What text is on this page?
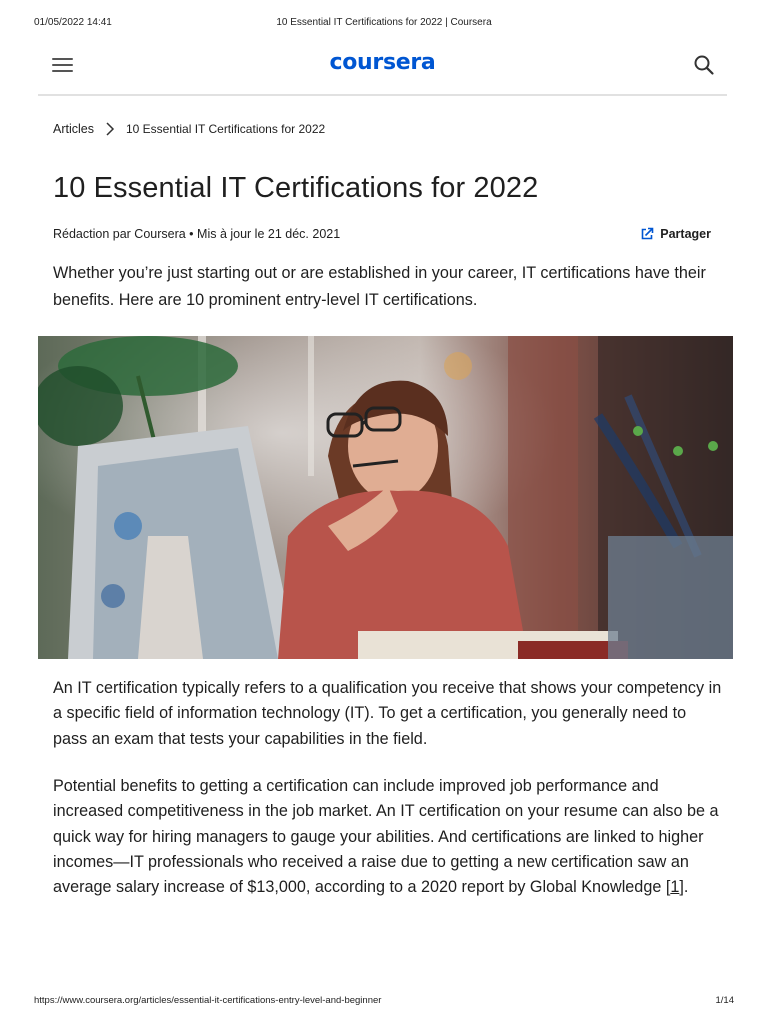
01/05/2022 14:41	10 Essential IT Certifications for 2022 | Coursera
coursera
Articles	10 Essential IT Certifications for 2022
10 Essential IT Certifications for 2022
Rédaction par Coursera • Mis à jour le 21 déc. 2021	Partager

Whether you’re just starting out or are established in your career, IT certifications have their benefits. Here are 10 prominent entry-level IT certifications.

An IT certification typically refers to a qualification you receive that shows your competency in a specific field of information technology (IT). To get a certification, you generally need to pass an exam that tests your capabilities in the field.

Potential benefits to getting a certification can include improved job performance and increased competitiveness in the job market. An IT certification on your resume can also be a quick way for hiring managers to gauge your abilities. And certifications are linked to higher incomes—IT professionals who received a raise due to getting a new certification saw an average salary increase of $13,000, according to a 2020 report by Global Knowledge [1].

https://www.coursera.org/articles/essential-it-certifications-entry-level-and-beginner	1/14
